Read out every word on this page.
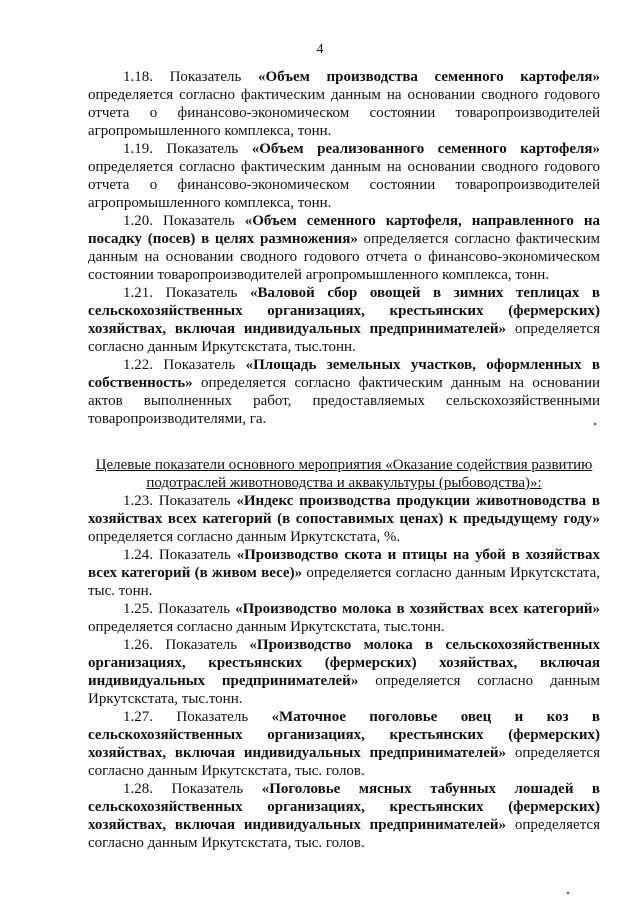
4

1.18. Показатель «Объем производства семенного картофеля» определяется согласно фактическим данным на основании сводного годового отчета о финансово-экономическом состоянии товаропроизводителей агропромышленного комплекса, тонн.

1.19. Показатель «Объем реализованного семенного картофеля» определяется согласно фактическим данным на основании сводного годового отчета о финансово-экономическом состоянии товаропроизводителей агропромышленного комплекса, тонн.

1.20. Показатель «Объем семенного картофеля, направленного на посадку (посев) в целях размножения» определяется согласно фактическим данным на основании сводного годового отчета о финансово-экономическом состоянии товаропроизводителей агропромышленного комплекса, тонн.

1.21. Показатель «Валовой сбор овощей в зимних теплицах в сельскохозяйственных организациях, крестьянских (фермерских) хозяйствах, включая индивидуальных предпринимателей» определяется согласно данным Иркутскстата, тыс.тонн.

1.22. Показатель «Площадь земельных участков, оформленных в собственность» определяется согласно фактическим данным на основании актов выполненных работ, предоставляемых сельскохозяйственными товаропроизводителями, га.

Целевые показатели основного мероприятия «Оказание содействия развитию подотраслей животноводства и аквакультуры (рыбоводства)»:

1.23. Показатель «Индекс производства продукции животноводства в хозяйствах всех категорий (в сопоставимых ценах) к предыдущему году» определяется согласно данным Иркутскстата, %.

1.24. Показатель «Производство скота и птицы на убой в хозяйствах всех категорий (в живом весе)» определяется согласно данным Иркутскстата, тыс. тонн.

1.25. Показатель «Производство молока в хозяйствах всех категорий» определяется согласно данным Иркутскстата, тыс.тонн.

1.26. Показатель «Производство молока в сельскохозяйственных организациях, крестьянских (фермерских) хозяйствах, включая индивидуальных предпринимателей» определяется согласно данным Иркутскстата, тыс.тонн.

1.27. Показатель «Маточное поголовье овец и коз в сельскохозяйственных организациях, крестьянских (фермерских) хозяйствах, включая индивидуальных предпринимателей» определяется согласно данным Иркутскстата, тыс. голов.

1.28. Показатель «Поголовье мясных табунных лошадей в сельскохозяйственных организациях, крестьянских (фермерских) хозяйствах, включая индивидуальных предпринимателей» определяется согласно данным Иркутскстата, тыс. голов.
